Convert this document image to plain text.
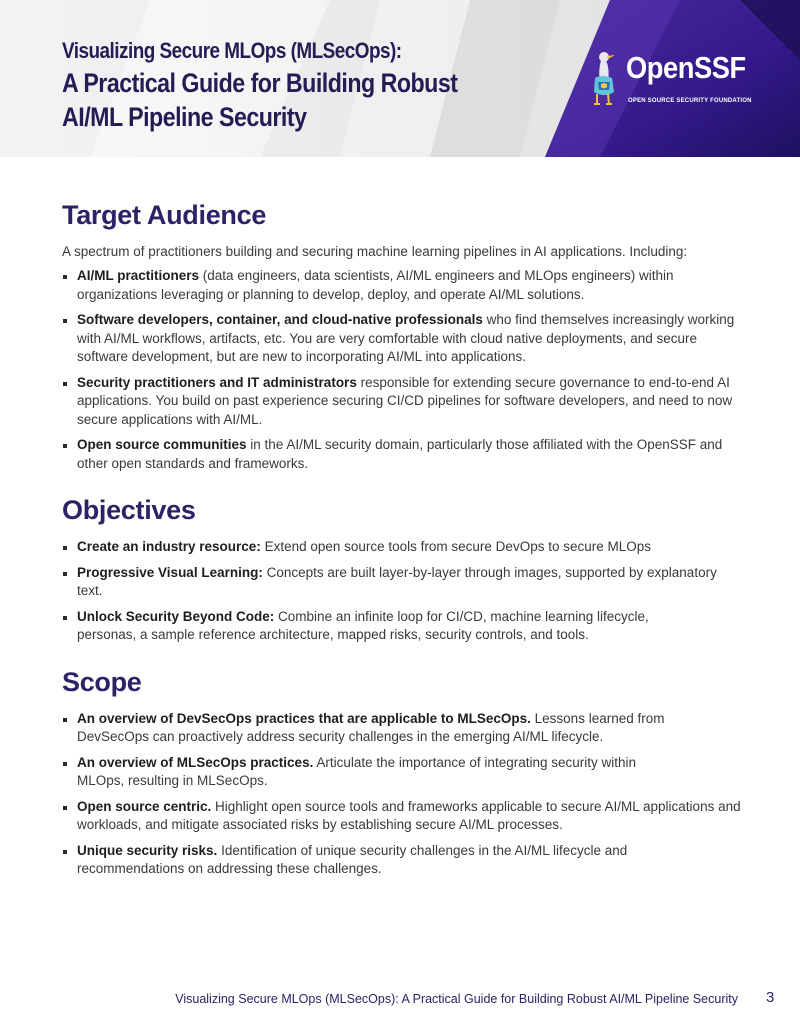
Visualizing Secure MLOps (MLSecOps):
A Practical Guide for Building Robust
AI/ML Pipeline Security
OpenSSF
OPEN SOURCE SECURITY FOUNDATION
Target Audience

A spectrum of practitioners building and securing machine learning pipelines in AI applications. Including:

AI/ML practitioners (data engineers, data scientists, AI/ML engineers and MLOps engineers) within organizations leveraging or planning to develop, deploy, and operate AI/ML solutions.
Software developers, container, and cloud-native professionals who find themselves increasingly working with AI/ML workflows, artifacts, etc. You are very comfortable with cloud native deployments, and secure software development, but are new to incorporating AI/ML into applications.
Security practitioners and IT administrators responsible for extending secure governance to end-to-end AI applications. You build on past experience securing CI/CD pipelines for software developers, and need to now secure applications with AI/ML.
Open source communities in the AI/ML security domain, particularly those affiliated with the OpenSSF and other open standards and frameworks.
Objectives
Create an industry resource: Extend open source tools from secure DevOps to secure MLOps
Progressive Visual Learning: Concepts are built layer-by-layer through images, supported by explanatory text.
Unlock Security Beyond Code: Combine an infinite loop for CI/CD, machine learning lifecycle, personas, a sample reference architecture, mapped risks, security controls, and tools.
Scope
An overview of DevSecOps practices that are applicable to MLSecOps. Lessons learned from DevSecOps can proactively address security challenges in the emerging AI/ML lifecycle.
An overview of MLSecOps practices. Articulate the importance of integrating security within MLOps, resulting in MLSecOps.
Open source centric. Highlight open source tools and frameworks applicable to secure AI/ML applications and workloads, and mitigate associated risks by establishing secure AI/ML processes.
Unique security risks. Identification of unique security challenges in the AI/ML lifecycle and recommendations on addressing these challenges.
Visualizing Secure MLOps (MLSecOps): A Practical Guide for Building Robust AI/ML Pipeline Security 3
